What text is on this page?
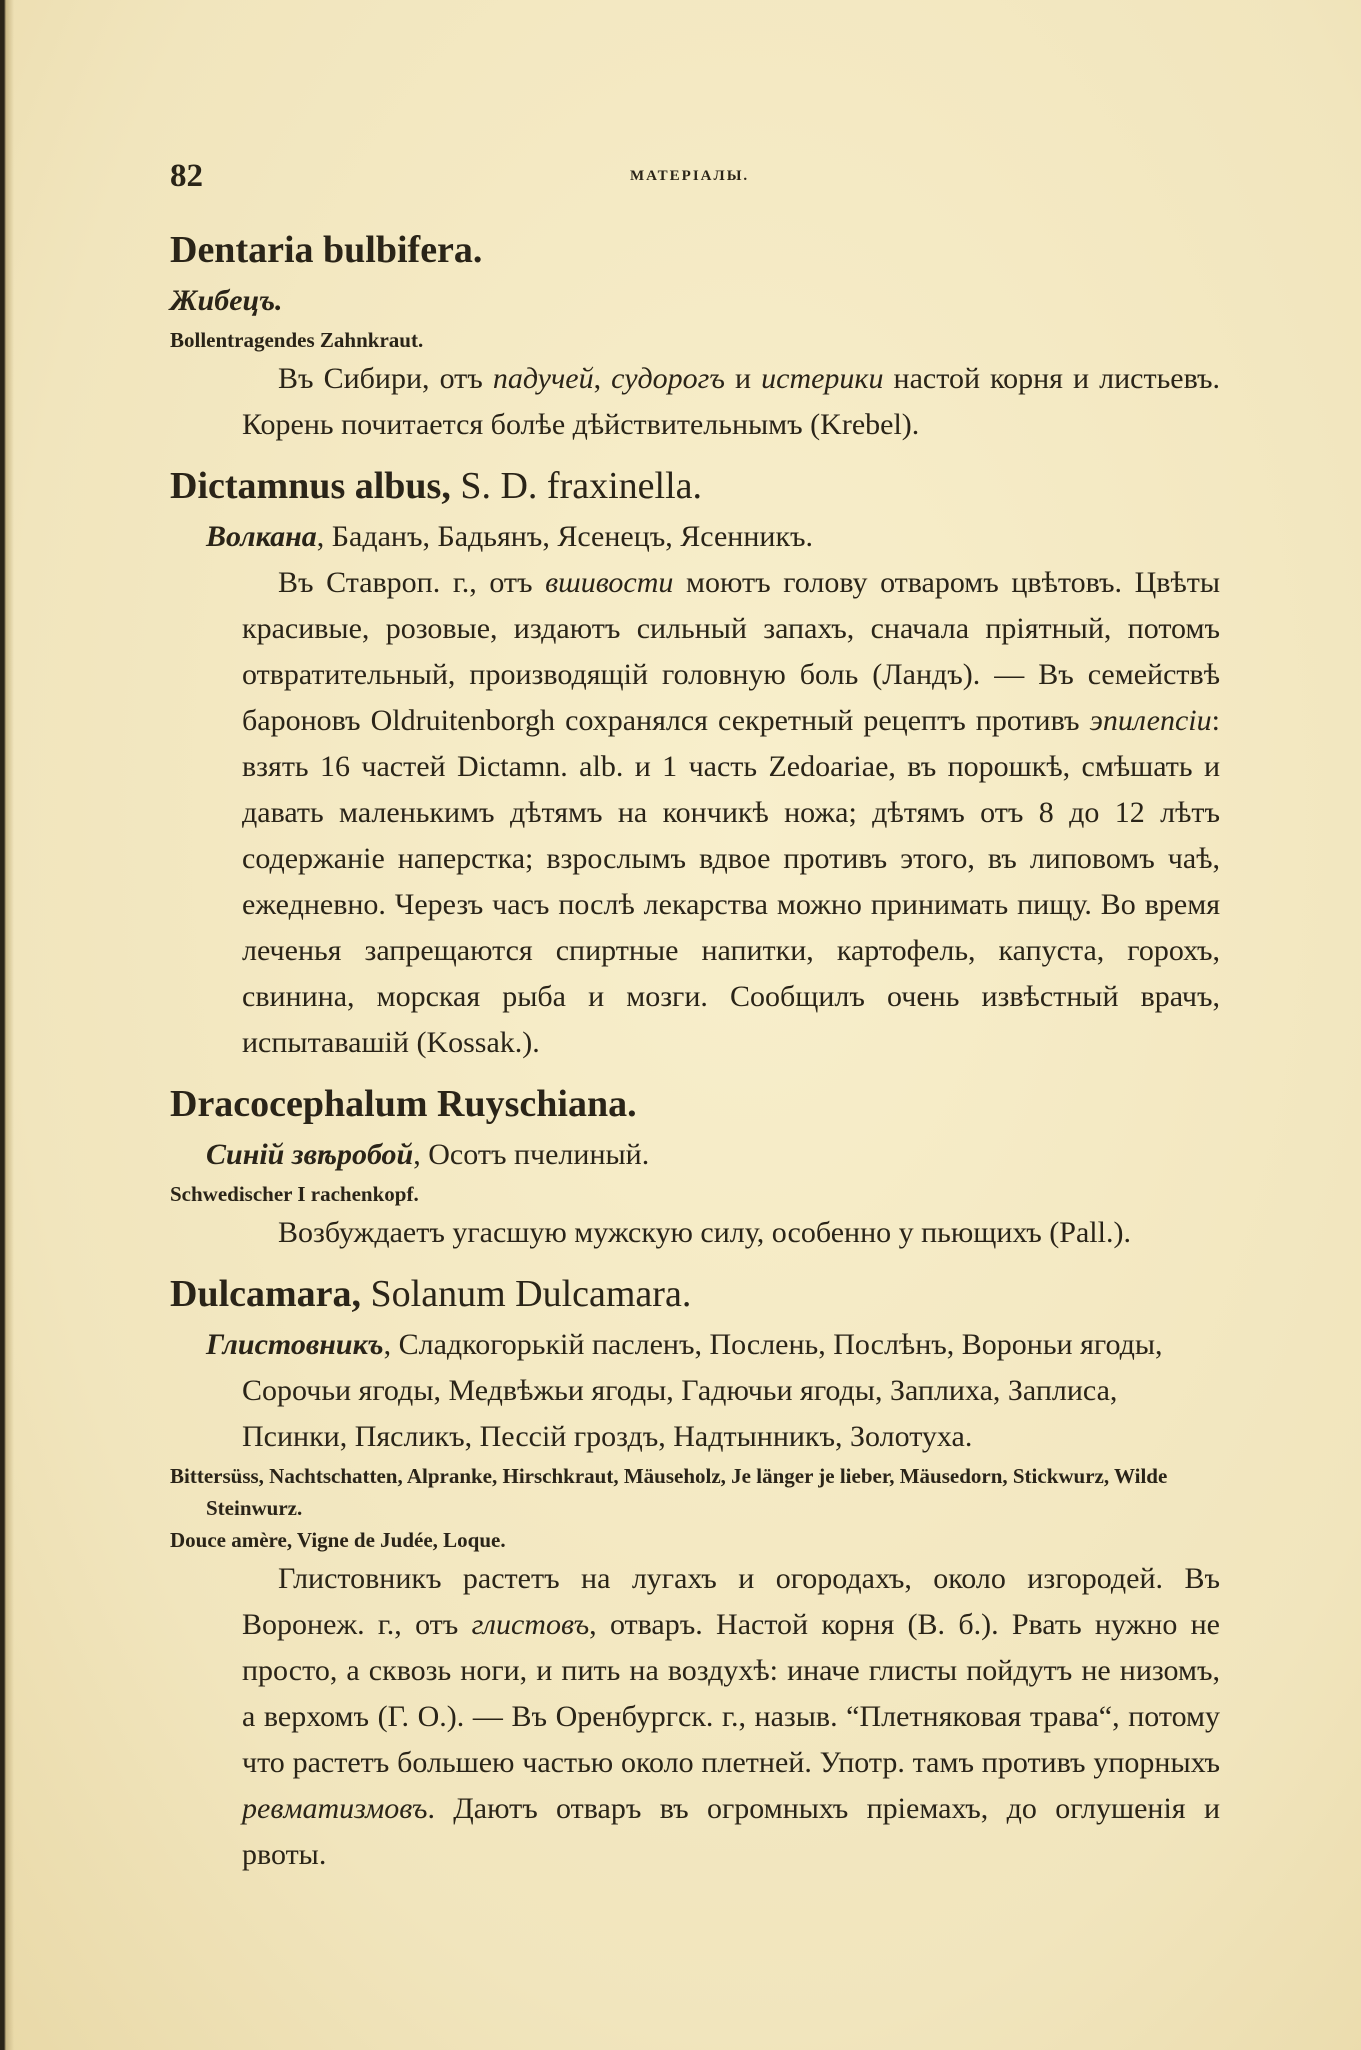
82	МАТЕРIАЛЫ.
Dentaria bulbifera.
Жибецъ.
Bollentragendes Zahnkraut.
Въ Сибири, отъ падучей, судорогъ и истерики настой корня и листьевъ. Корень почитается болѣе дѣйствительнымъ (Krebel).
Dictamnus albus, S. D. fraxinella.
Волкана, Баданъ, Бадьянъ, Ясенецъ, Ясенникъ.
Въ Ставроп. г., отъ вшивости моютъ голову отваромъ цвѣтовъ. Цвѣты красивые, розовые, издаютъ сильный запахъ, сначала прiятный, потомъ отвратительный, производящiй головную боль (Ландъ). — Въ семействѣ бароновъ Oldruitenborgh сохранялся секретный рецептъ противъ эпилепсiи: взять 16 частей Dictamn. alb. и 1 часть Zedoariae, въ порошкѣ, смѣшать и давать маленькимъ дѣтямъ на кончикѣ ножа; дѣтямъ отъ 8 до 12 лѣтъ содержанiе наперстка; взрослымъ вдвое противъ этого, въ липовомъ чаѣ, ежедневно. Черезъ часъ послѣ лекарства можно принимать пищу. Во время леченья запрещаются спиртные напитки, картофель, капуста, горохъ, свинина, морская рыба и мозги. Сообщилъ очень извѣстный врачъ, испытавашiй (Kossak.).
Dracocephalum Ruyschiana.
Синiй звѣробой, Осотъ пчелиный.
Schwedischer I rachenkopf.
Возбуждаетъ угасшую мужскую силу, особенно у пьющихъ (Pall.).
Dulcamara, Solanum Dulcamara.
Глистовникъ, Сладкогорькiй пасленъ, Послень, Послѣнъ, Вороньи ягоды, Сорочьи ягоды, Медвѣжьи ягоды, Гадючьи ягоды, Заплиха, Заплиса, Псинки, Пясликъ, Пессiй гроздъ, Надтынникъ, Золотуха.
Bittersüss, Nachtschatten, Alpranke, Hirschkraut, Mäuseholz, Je länger je lieber, Mäusedorn, Stickwurz, Wilde Steinwurz.
Douce amère, Vigne de Judée, Loque.
Глистовникъ растетъ на лугахъ и огородахъ, около изгородей. Въ Воронеж. г., отъ глистовъ, отваръ. Настой корня (В. б.). Рвать нужно не просто, а сквозь ноги, и пить на воздухѣ: иначе глисты пойдутъ не низомъ, а верхомъ (Г. О.). — Въ Оренбургск. г., назыв. “Плетняковая трава“, потому что растетъ большею частью около плетней. Употр. тамъ противъ упорныхъ ревматизмовъ. Даютъ отваръ въ огромныхъ прiемахъ, до оглушенiя и рвоты.
